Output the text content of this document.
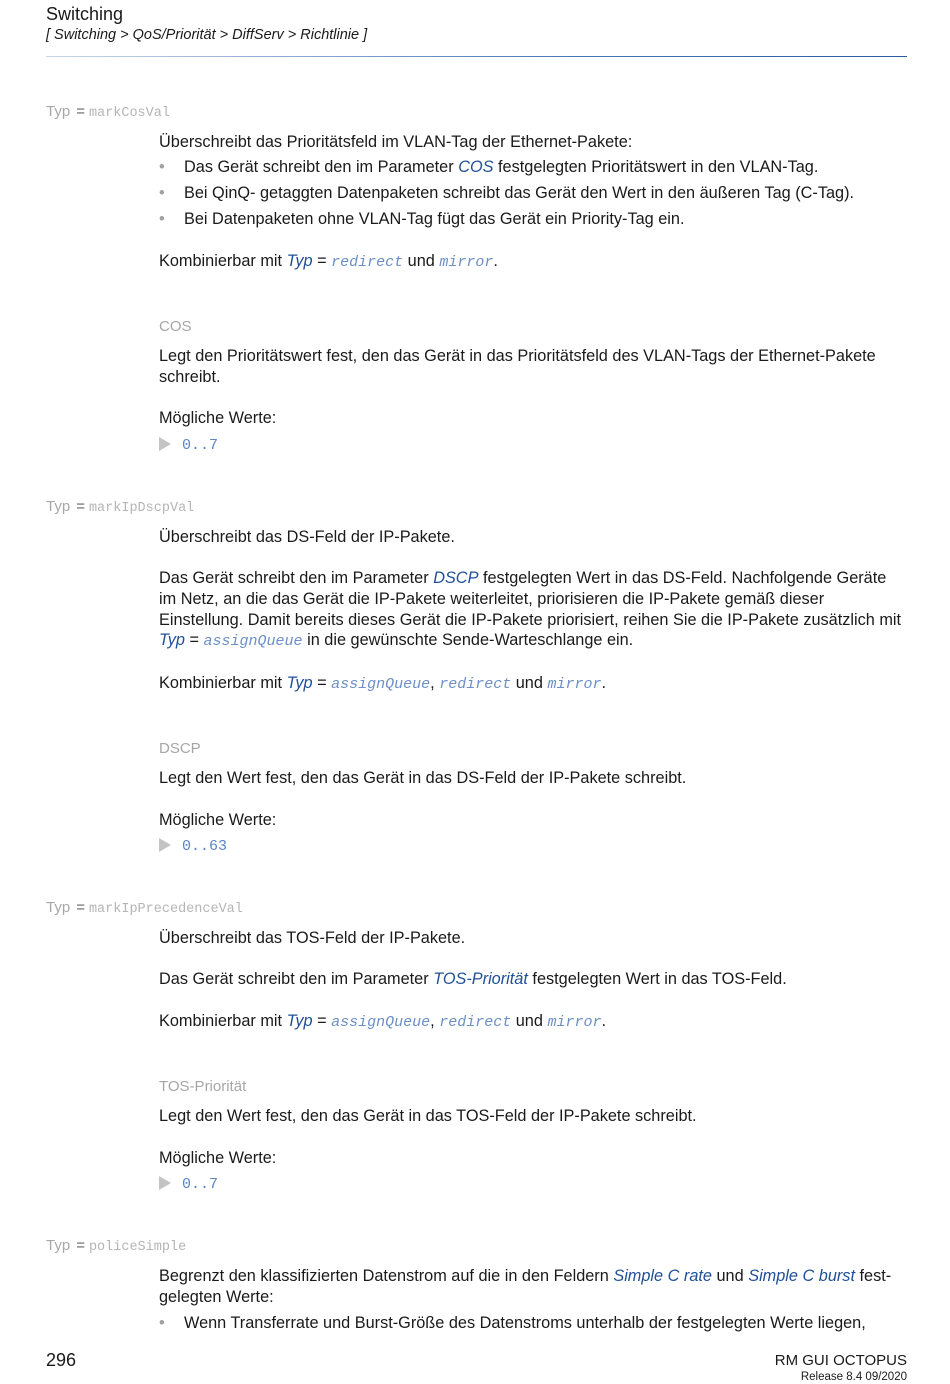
Switching
[ Switching > QoS/Priorität > DiffServ > Richtlinie ]
Typ = markCosVal
Überschreibt das Prioritätsfeld im VLAN-Tag der Ethernet-Pakete:
• Das Gerät schreibt den im Parameter COS festgelegten Prioritätswert in den VLAN-Tag.
• Bei QinQ- getaggten Datenpaketen schreibt das Gerät den Wert in den äußeren Tag (C-Tag).
• Bei Datenpaketen ohne VLAN-Tag fügt das Gerät ein Priority-Tag ein.
Kombinierbar mit Typ = redirect und mirror.
COS
Legt den Prioritätswert fest, den das Gerät in das Prioritätsfeld des VLAN-Tags der Ethernet-Pakete schreibt.
Mögliche Werte:
0..7
Typ = markIpDscpVal
Überschreibt das DS-Feld der IP-Pakete.
Das Gerät schreibt den im Parameter DSCP festgelegten Wert in das DS-Feld. Nachfolgende Geräte im Netz, an die das Gerät die IP-Pakete weiterleitet, priorisieren die IP-Pakete gemäß dieser Einstellung. Damit bereits dieses Gerät die IP-Pakete priorisiert, reihen Sie die IP-Pakete zusätzlich mit Typ = assignQueue in die gewünschte Sende-Warteschlange ein.
Kombinierbar mit Typ = assignQueue, redirect und mirror.
DSCP
Legt den Wert fest, den das Gerät in das DS-Feld der IP-Pakete schreibt.
Mögliche Werte:
0..63
Typ = markIpPrecedenceVal
Überschreibt das TOS-Feld der IP-Pakete.
Das Gerät schreibt den im Parameter TOS-Priorität festgelegten Wert in das TOS-Feld.
Kombinierbar mit Typ = assignQueue, redirect und mirror.
TOS-Priorität
Legt den Wert fest, den das Gerät in das TOS-Feld der IP-Pakete schreibt.
Mögliche Werte:
0..7
Typ = policeSimple
Begrenzt den klassifizierten Datenstrom auf die in den Feldern Simple C rate und Simple C burst fest-
gelegten Werte:
• Wenn Transferrate und Burst-Größe des Datenstroms unterhalb der festgelegten Werte liegen,
296	RM GUI OCTOPUS
Release 8.4 09/2020
